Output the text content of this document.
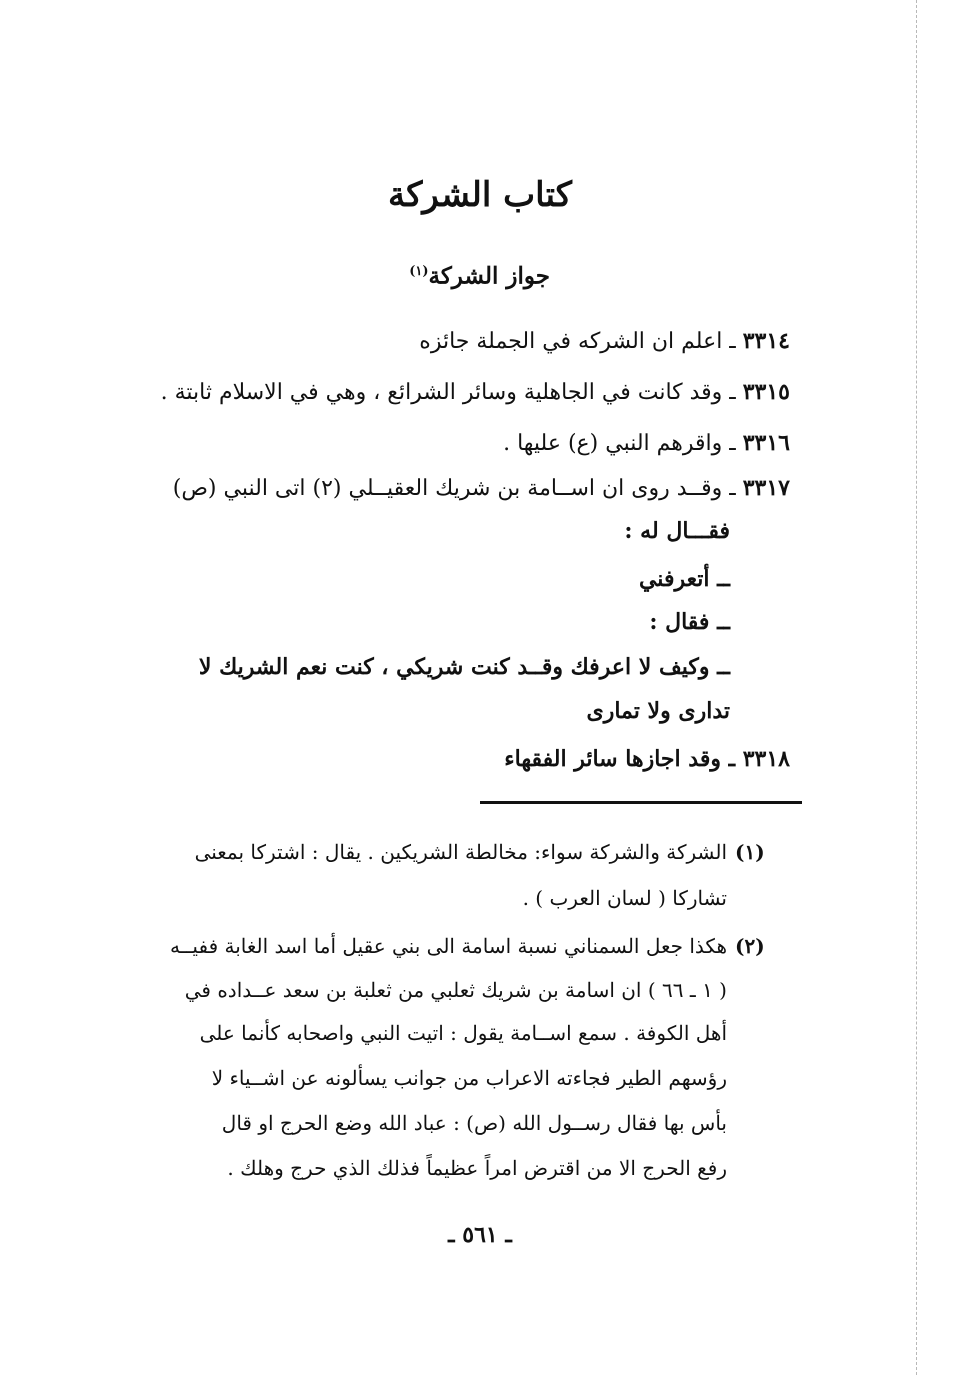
كتاب الشركة
جواز الشركة$^{(١)}$
٣٣١٤ ـ اعلم ان الشركه في الجملة جائزه
٣٣١٥ ـ وقد كانت في الجاهلية وسائر الشرائع ، وهي في الاسلام ثابتة .
٣٣١٦ ـ واقرهم النبي (ع) عليها .
٣٣١٧ ـ وقــد روى ان اســامة بن شريك العقيــلي (٢) اتى النبي (ص)
فقـــال له :
ــ أتعرفني
ــ فقال :
ــ وكيف لا اعرفك وقــد كنت شريكي ، كنت نعم الشريك لا
تدارى ولا تمارى
٣٣١٨ ـ وقد اجازها سائر الفقهاء
(١)
الشركة والشركة سواء: مخالطة الشريكين . يقال : اشتركا بمعنى
تشاركا ( لسان العرب ) .
(٢)
هكذا جعل السمناني نسبة اسامة الى بني عقيل أما اسد الغابة ففيــه
( ١ ـ ٦٦ ) ان اسامة بن شريك ثعلبي من ثعلبة بن سعد عــداده في
أهل الكوفة . سمع اســامة يقول : اتيت النبي واصحابه كأنما على
رؤسهم الطير فجاءته الاعراب من جوانب يسألونه عن اشــياء لا
بأس بها فقال رســول الله (ص) : عباد الله وضع الحرج او قال
رفع الحرج الا من اقترض امراً عظيماً فذلك الذي حرج وهلك .
ـ ٥٦١ ـ
